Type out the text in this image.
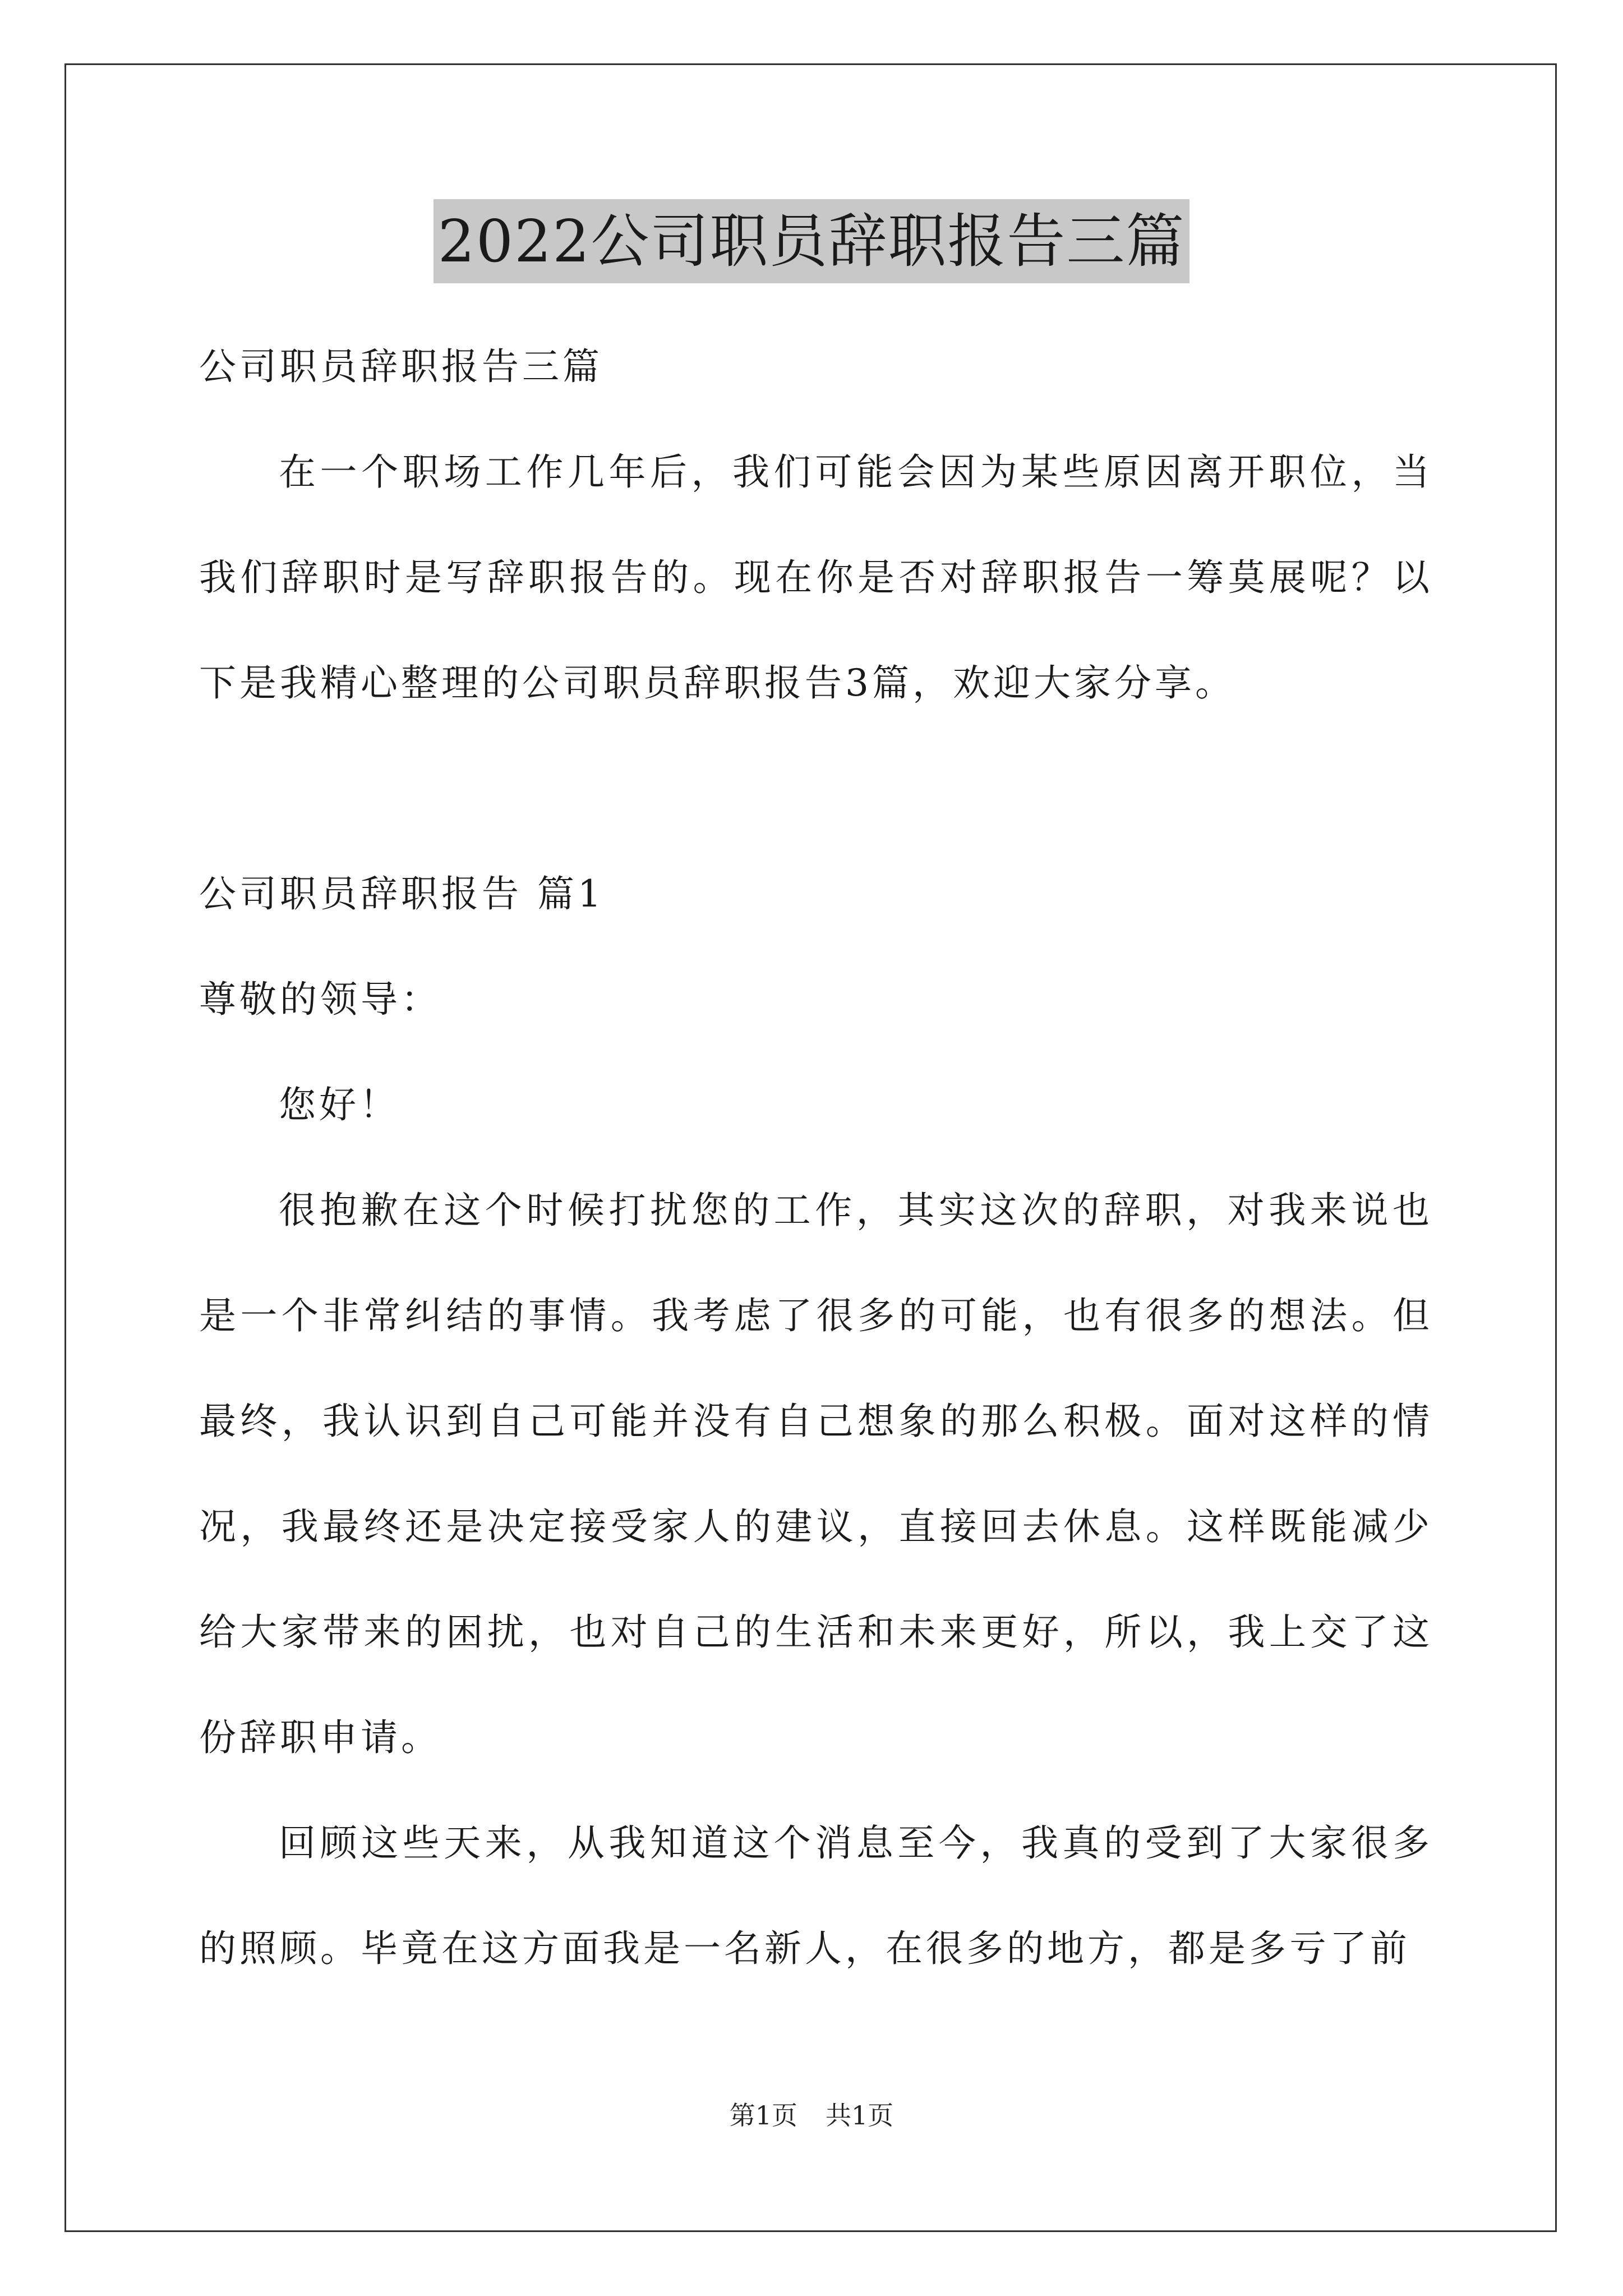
2022公司职员辞职报告三篇

公司职员辞职报告三篇

在一个职场工作几年后，我们可能会因为某些原因离开职位，当我们辞职时是写辞职报告的。现在你是否对辞职报告一筹莫展呢？以下是我精心整理的公司职员辞职报告3篇，欢迎大家分享。

公司职员辞职报告 篇1

尊敬的领导：

您好！

很抱歉在这个时候打扰您的工作，其实这次的辞职，对我来说也是一个非常纠结的事情。我考虑了很多的可能，也有很多的想法。但最终，我认识到自己可能并没有自己想象的那么积极。面对这样的情况，我最终还是决定接受家人的建议，直接回去休息。这样既能减少给大家带来的困扰，也对自己的生活和未来更好，所以，我上交了这份辞职申请。

回顾这些天来，从我知道这个消息至今，我真的受到了大家很多的照顾。毕竟在这方面我是一名新人，在很多的地方，都是多亏了前

第1页 共1页
